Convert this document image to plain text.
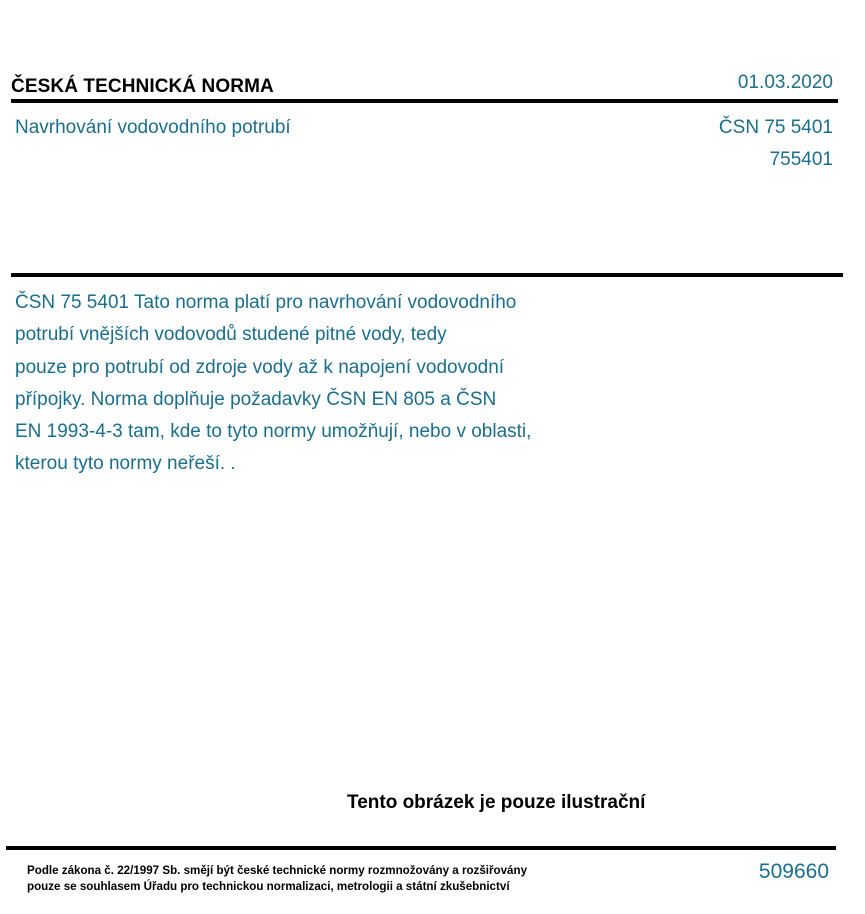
ČESKÁ TECHNICKÁ NORMA	01.03.2020
Navrhování vodovodního potrubí	ČSN 75 5401
755401
ČSN 75 5401 Tato norma platí pro navrhování vodovodního
potrubí vnějších vodovodů studené pitné vody, tedy
pouze pro potrubí od zdroje vody až k napojení vodovodní
přípojky. Norma doplňuje požadavky ČSN EN 805 a ČSN
EN 1993-4-3 tam, kde to tyto normy umožňují, nebo v oblasti,
kterou tyto normy neřeší. .
Tento obrázek je pouze ilustrační
Podle zákona č. 22/1997 Sb. smějí být české technické normy rozmnožovány a rozšiřovány
pouze se souhlasem Úřadu pro technickou normalizaci, metrologii a státní zkušebnictví
509660
